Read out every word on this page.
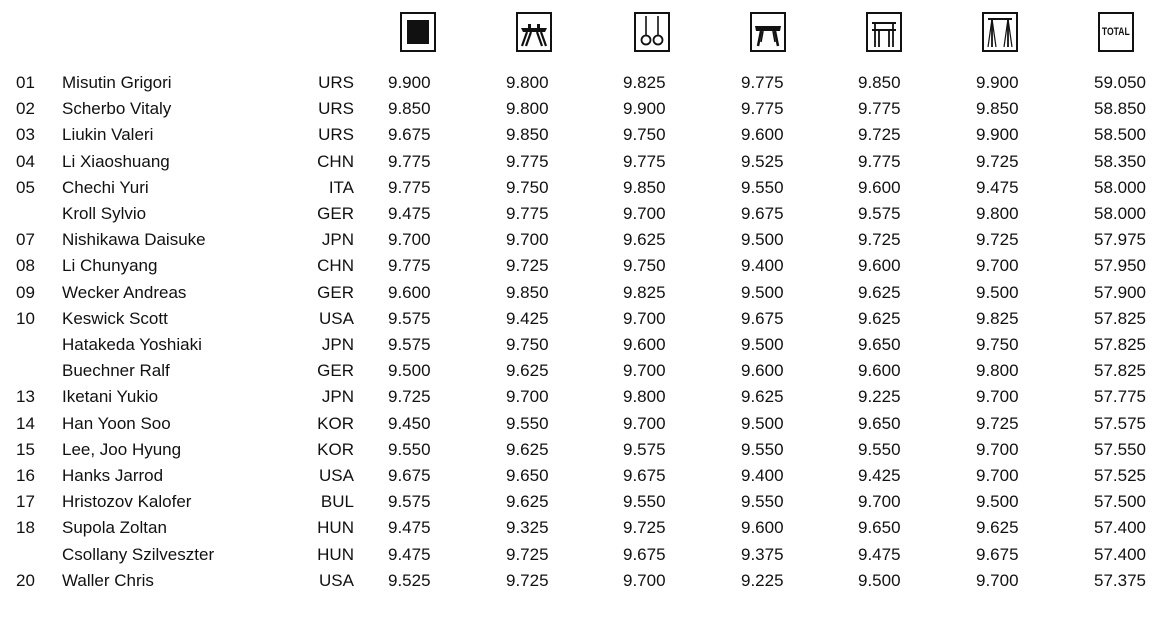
TOTAL
01	Misutin Grigori	URS 9.900	9.800	9.825	9.775	9.850	9.900	59.050
02	Scherbo Vitaly	URS 9.850	9.800	9.900	9.775	9.775	9.850	58.850
03	Liukin Valeri	URS 9.675	9.850	9.750	9.600	9.725	9.900	58.500
04	Li Xiaoshuang	CHN 9.775	9.775	9.775	9.525	9.775	9.725	58.350
05	Chechi Yuri	ITA 9.775	9.750	9.850	9.550	9.600	9.475	58.000
Kroll Sylvio	GER 9.475	9.775	9.700	9.675	9.575	9.800	58.000
07	Nishikawa Daisuke	JPN 9.700	9.700	9.625	9.500	9.725	9.725	57.975
08	Li Chunyang	CHN 9.775	9.725	9.750	9.400	9.600	9.700	57.950
09	Wecker Andreas	GER 9.600	9.850	9.825	9.500	9.625	9.500	57.900
10	Keswick Scott	USA 9.575	9.425	9.700	9.675	9.625	9.825	57.825
Hatakeda Yoshiaki	JPN 9.575	9.750	9.600	9.500	9.650	9.750	57.825
Buechner Ralf	GER 9.500	9.625	9.700	9.600	9.600	9.800	57.825
13	Iketani Yukio	JPN 9.725	9.700	9.800	9.625	9.225	9.700	57.775
14	Han Yoon Soo	KOR 9.450	9.550	9.700	9.500	9.650	9.725	57.575
15	Lee, Joo Hyung	KOR 9.550	9.625	9.575	9.550	9.550	9.700	57.550
16	Hanks Jarrod	USA 9.675	9.650	9.675	9.400	9.425	9.700	57.525
17	Hristozov Kalofer	BUL 9.575	9.625	9.550	9.550	9.700	9.500	57.500
18	Supola Zoltan	HUN 9.475	9.325	9.725	9.600	9.650	9.625	57.400
Csollany Szilveszter	HUN 9.475	9.725	9.675	9.375	9.475	9.675	57.400
20	Waller Chris	USA 9.525	9.725	9.700	9.225	9.500	9.700	57.375
